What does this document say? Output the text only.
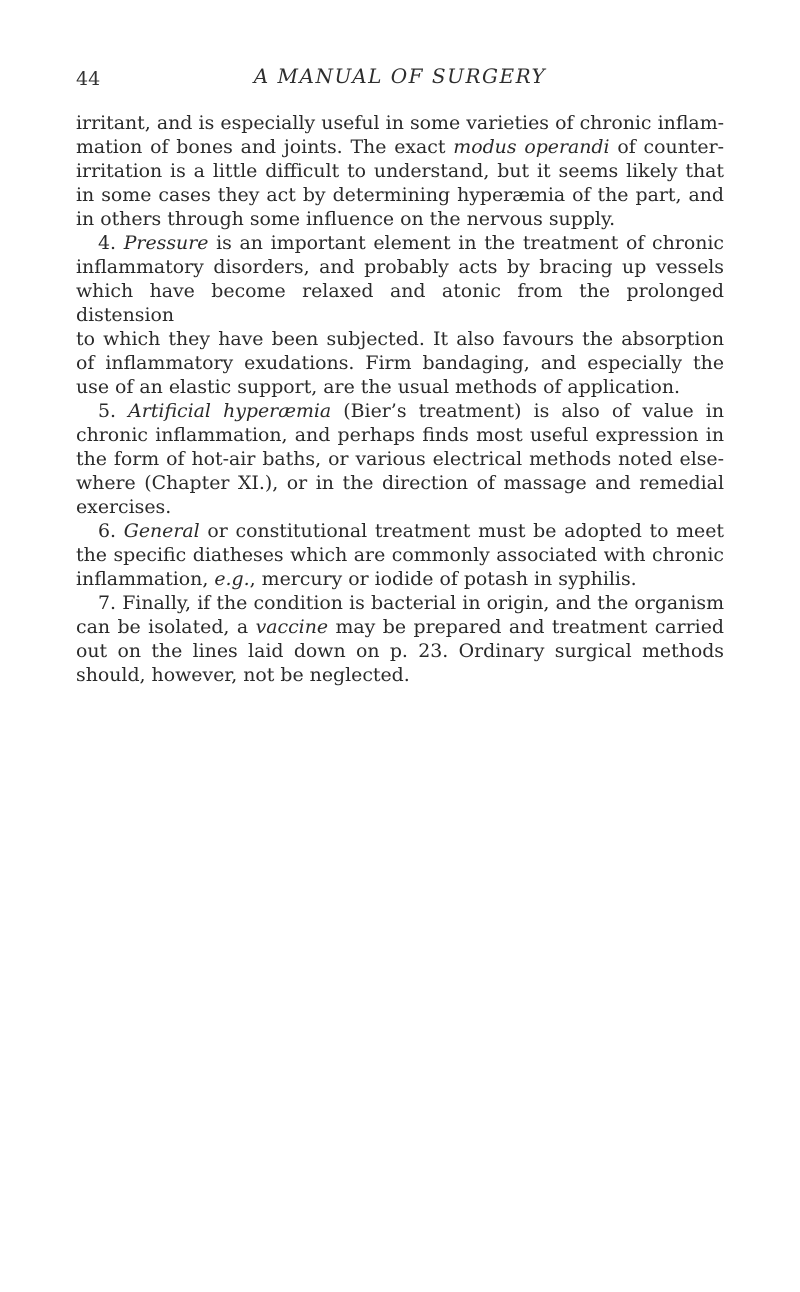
44	A MANUAL OF SURGERY

irritant, and is especially useful in some varieties of chronic inflam-

mation of bones and joints. The exact modus operandi of counter-

irritation is a little difficult to understand, but it seems likely that

in some cases they act by determining hyperæmia of the part, and

in others through some influence on the nervous supply.

4. Pressure is an important element in the treatment of chronic

inflammatory disorders, and probably acts by bracing up vessels

which have become relaxed and atonic from the prolonged distension

to which they have been subjected. It also favours the absorption

of inflammatory exudations. Firm bandaging, and especially the

use of an elastic support, are the usual methods of application.

5. Artificial hyperæmia (Bier’s treatment) is also of value in

chronic inflammation, and perhaps finds most useful expression in

the form of hot-air baths, or various electrical methods noted else-

where (Chapter XI.), or in the direction of massage and remedial

exercises.

6. General or constitutional treatment must be adopted to meet

the specific diatheses which are commonly associated with chronic

inflammation, e.g., mercury or iodide of potash in syphilis.

7. Finally, if the condition is bacterial in origin, and the organism

can be isolated, a vaccine may be prepared and treatment carried

out on the lines laid down on p. 23. Ordinary surgical methods

should, however, not be neglected.
